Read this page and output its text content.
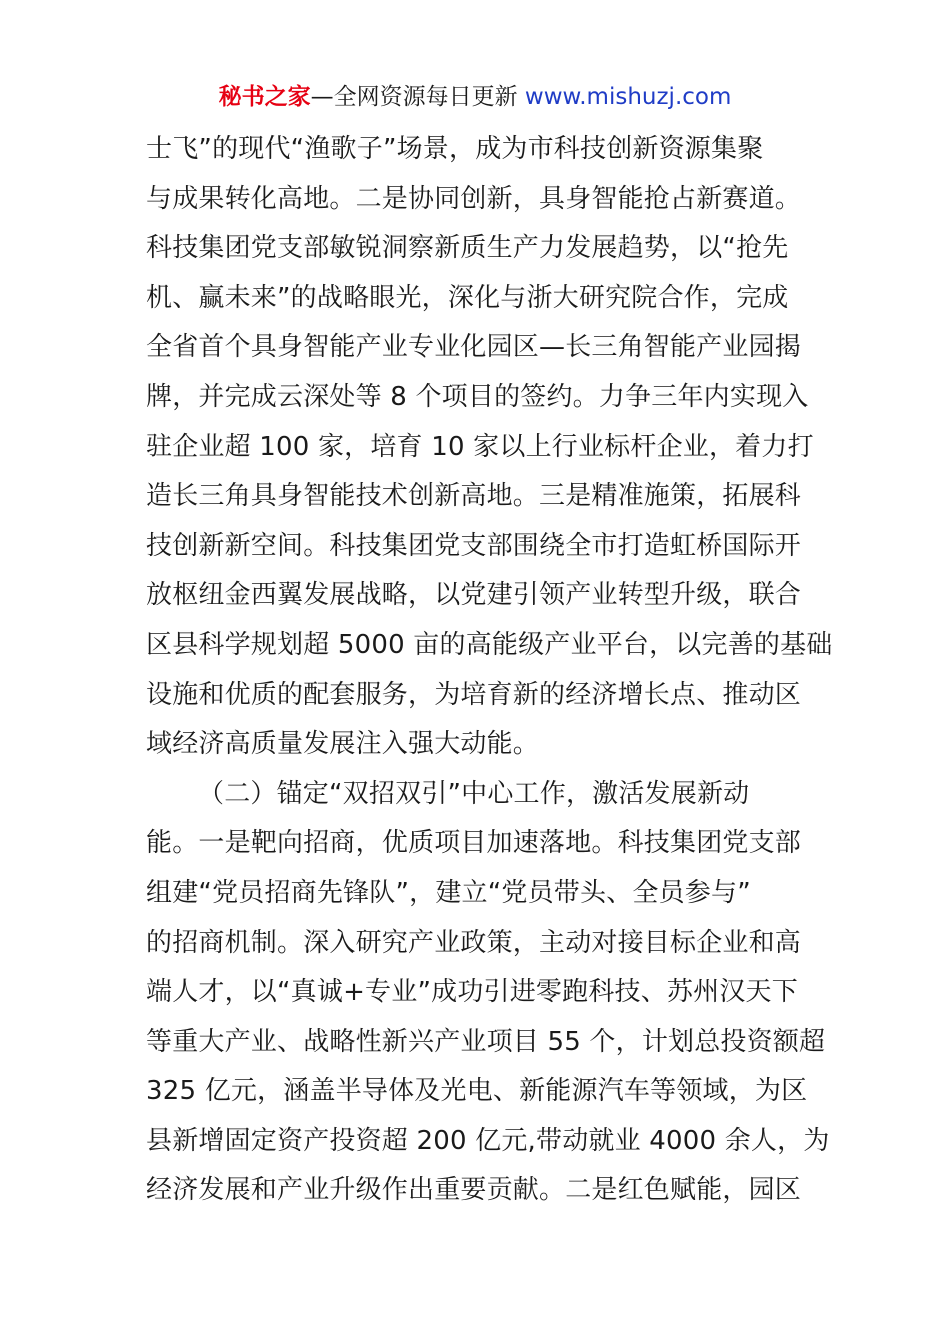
秘书之家—全网资源每日更新 www.mishuzj.com
士飞”的现代“渔歌子”场景，成为市科技创新资源集聚
与成果转化高地。二是协同创新，具身智能抢占新赛道。
科技集团党支部敏锐洞察新质生产力发展趋势，以“抢先
机、赢未来”的战略眼光，深化与浙大研究院合作，完成
全省首个具身智能产业专业化园区—长三角智能产业园揭
牌，并完成云深处等 8 个项目的签约。力争三年内实现入
驻企业超 100 家，培育 10 家以上行业标杆企业，着力打
造长三角具身智能技术创新高地。三是精准施策，拓展科
技创新新空间。科技集团党支部围绕全市打造虹桥国际开
放枢纽金西翼发展战略，以党建引领产业转型升级，联合
区县科学规划超 5000 亩的高能级产业平台，以完善的基础
设施和优质的配套服务，为培育新的经济增长点、推动区
域经济高质量发展注入强大动能。
（二）锚定“双招双引”中心工作，激活发展新动
能。一是靶向招商，优质项目加速落地。科技集团党支部
组建“党员招商先锋队”，建立“党员带头、全员参与”
的招商机制。深入研究产业政策，主动对接目标企业和高
端人才，以“真诚+专业”成功引进零跑科技、苏州汉天下
等重大产业、战略性新兴产业项目 55 个，计划总投资额超
325 亿元，涵盖半导体及光电、新能源汽车等领域，为区
县新增固定资产投资超 200 亿元,带动就业 4000 余人，为
经济发展和产业升级作出重要贡献。二是红色赋能，园区
